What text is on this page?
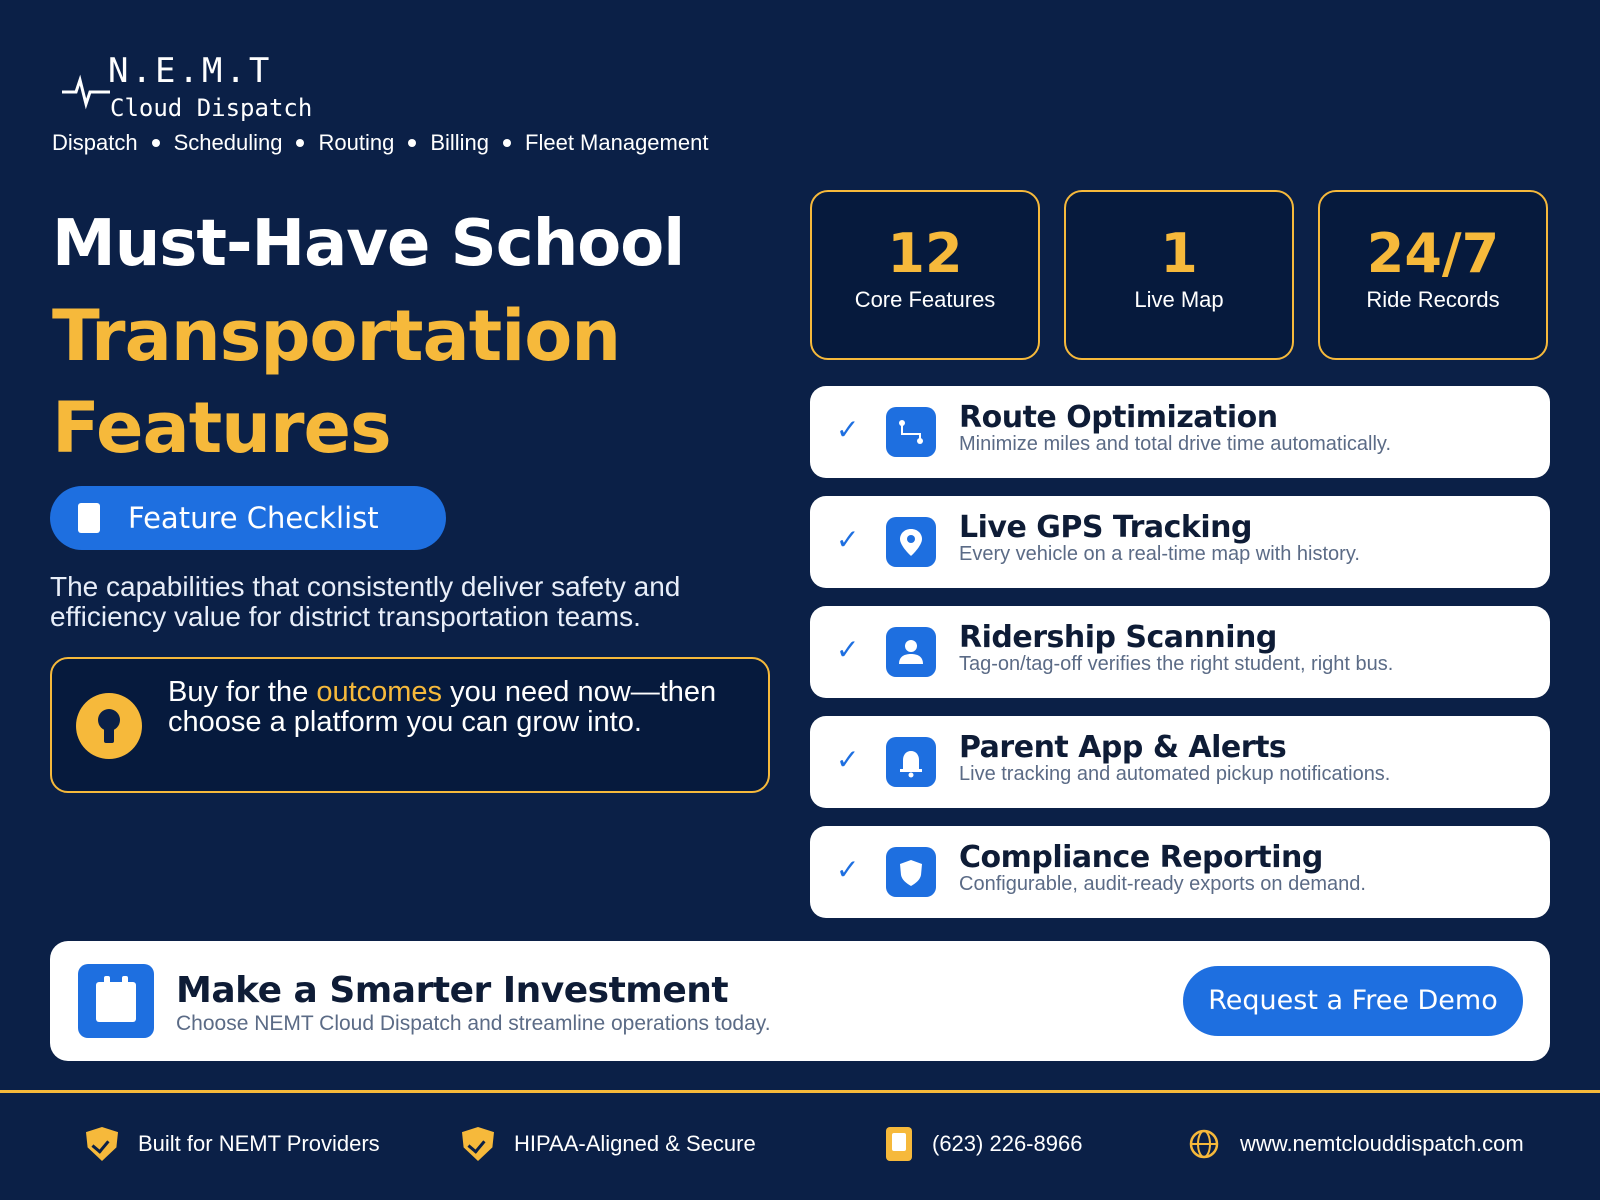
N.E.M.T
Cloud Dispatch
Dispatch Scheduling Routing Billing Fleet Management
Must-Have School
Transportation
Features
Feature Checklist

The capabilities that consistently deliver safety and efficiency value for district transportation teams.

Buy for the outcomes you need now—then choose a platform you can grow into.

12
Core Features
1
Live Map
24/7
Ride Records
✓	Route Optimization
Minimize miles and total drive time automatically.
✓	Live GPS Tracking
Every vehicle on a real-time map with history.
✓	Ridership Scanning
Tag-on/tag-off verifies the right student, right bus.
✓	Parent App & Alerts
Live tracking and automated pickup notifications.
✓	Compliance Reporting
Configurable, audit-ready exports on demand.
Make a Smarter Investment
Choose NEMT Cloud Dispatch and streamline operations today.
Request a Free Demo
Built for NEMT Providers	HIPAA-Aligned & Secure	(623) 226-8966	www.nemtclouddispatch.com
